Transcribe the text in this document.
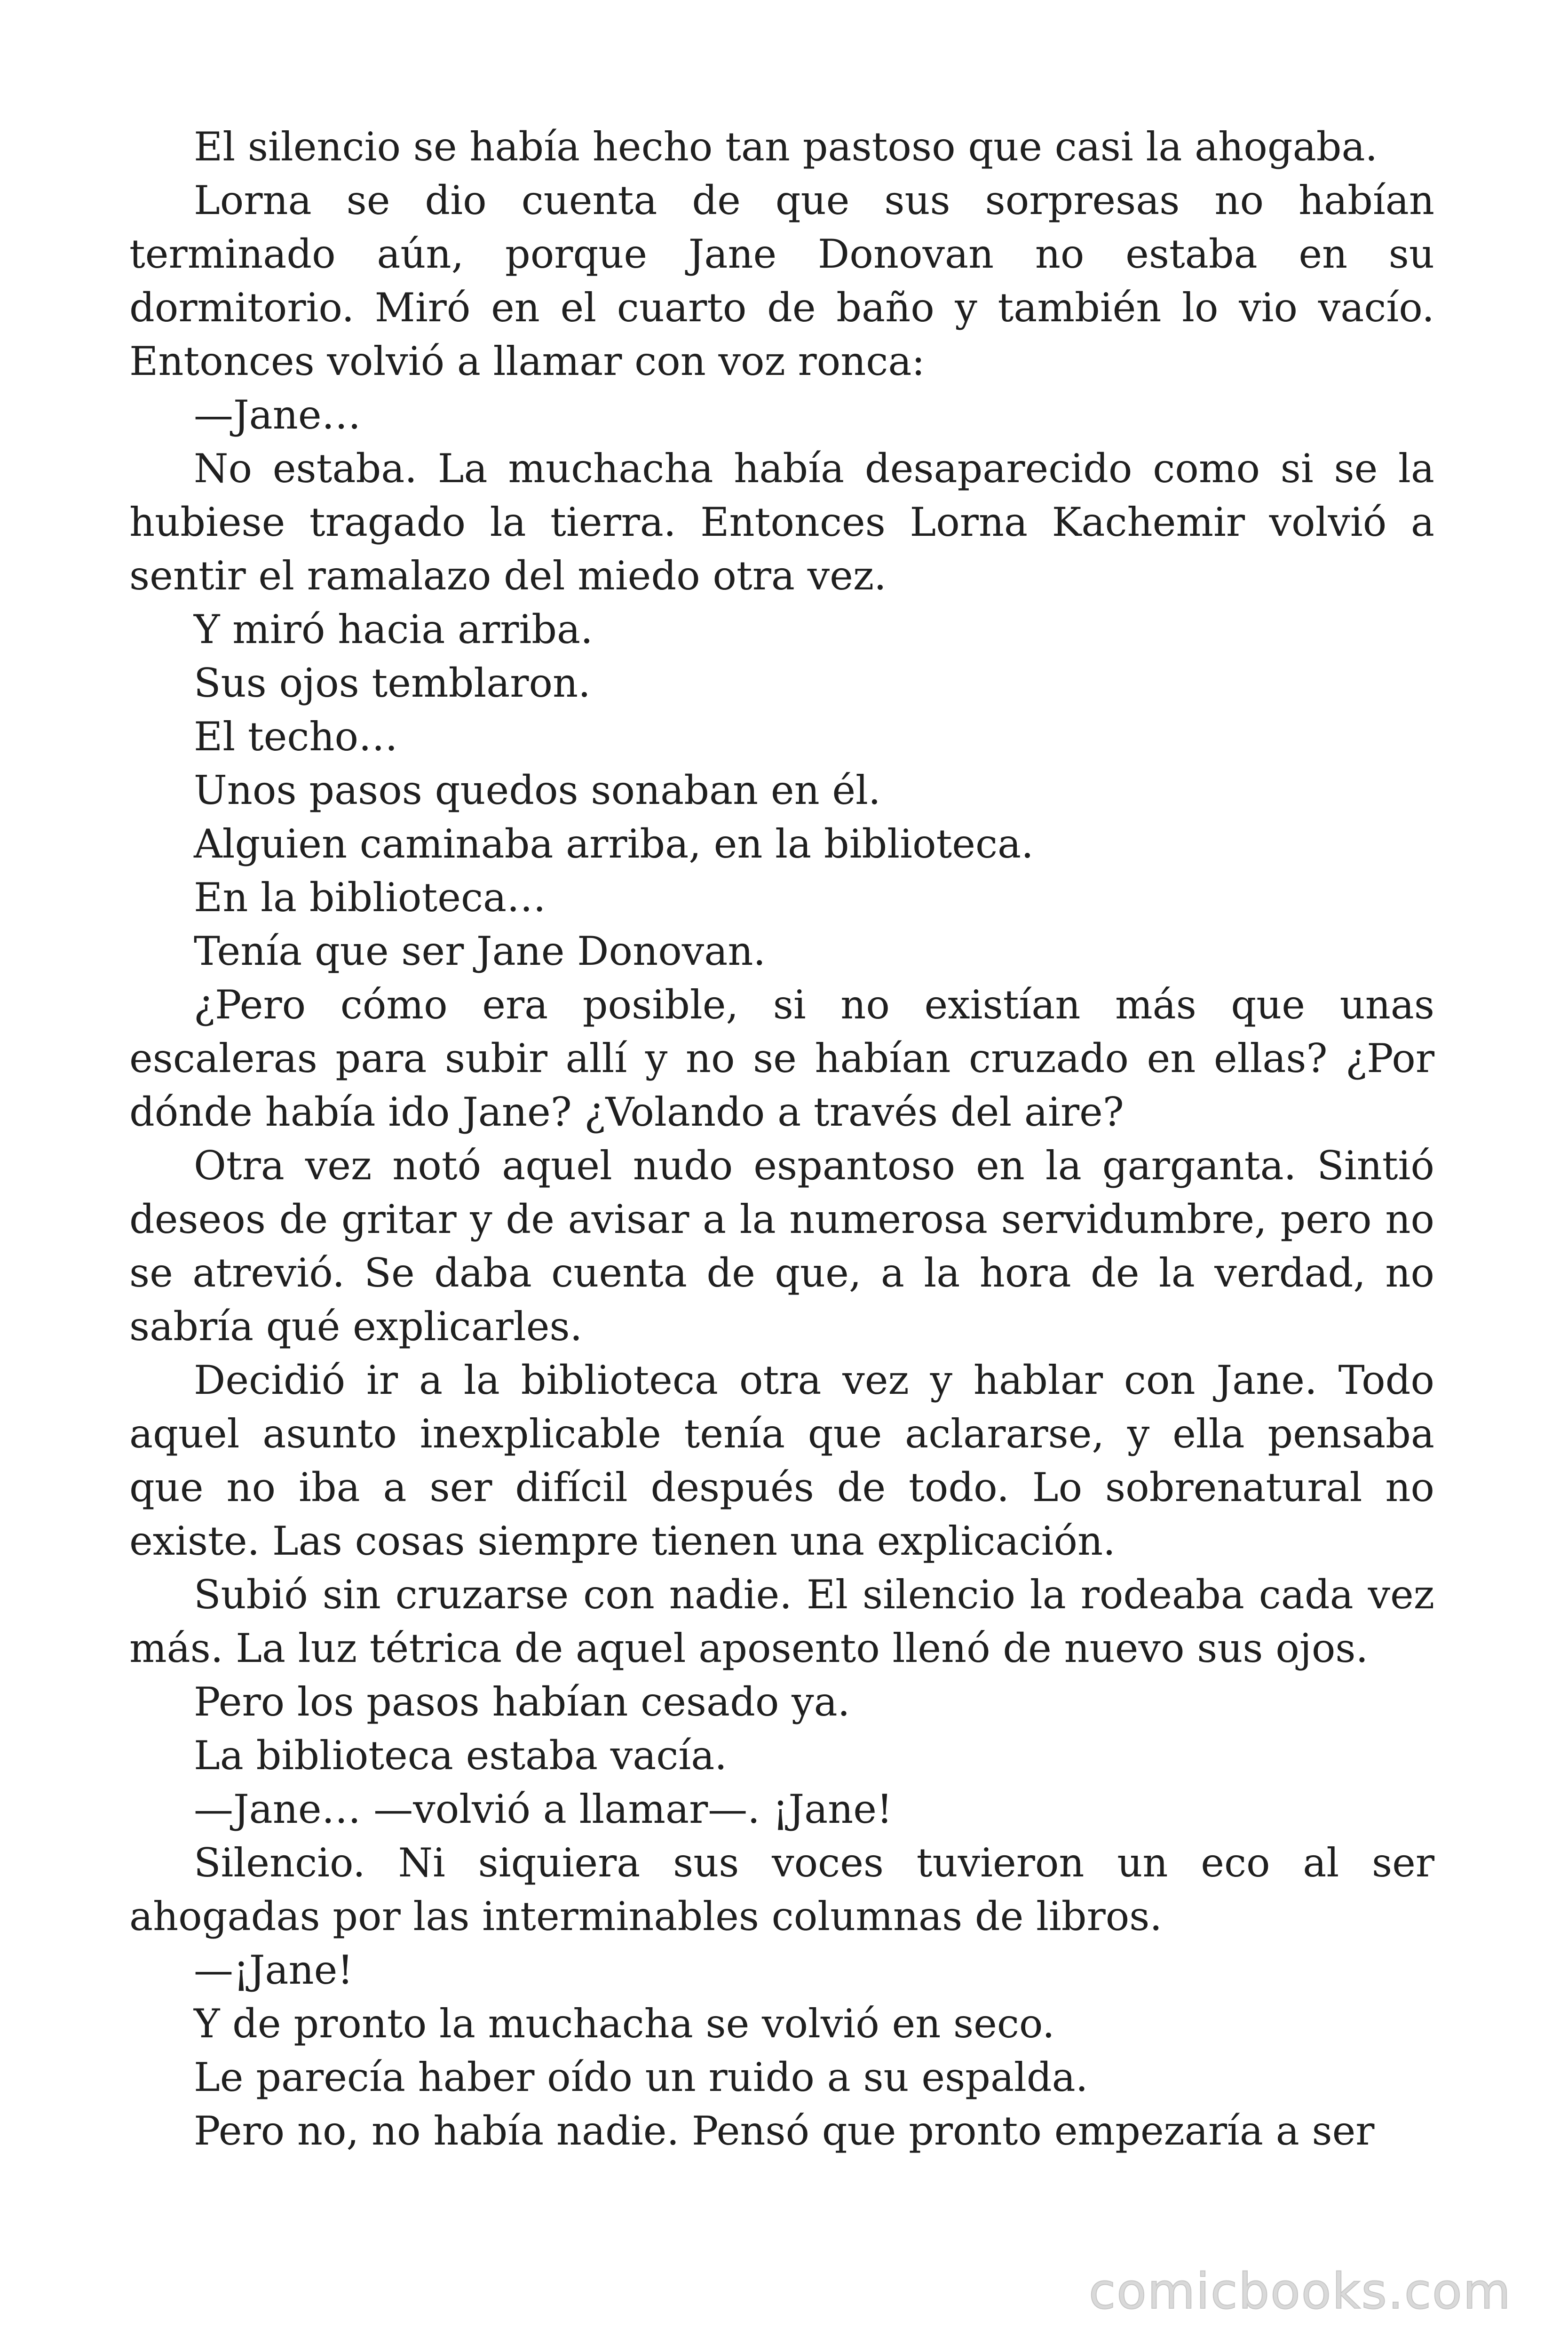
El silencio se había hecho tan pastoso que casi la ahogaba.

Lorna se dio cuenta de que sus sorpresas no habían terminado aún, porque Jane Donovan no estaba en su dormitorio. Miró en el cuarto de baño y también lo vio vacío. Entonces volvió a llamar con voz ronca:

—Jane…

No estaba. La muchacha había desaparecido como si se la hubiese tragado la tierra. Entonces Lorna Kachemir volvió a sentir el ramalazo del miedo otra vez.

Y miró hacia arriba.

Sus ojos temblaron.

El techo…

Unos pasos quedos sonaban en él.

Alguien caminaba arriba, en la biblioteca.

En la biblioteca…

Tenía que ser Jane Donovan.

¿Pero cómo era posible, si no existían más que unas escaleras para subir allí y no se habían cruzado en ellas? ¿Por dónde había ido Jane? ¿Volando a través del aire?

Otra vez notó aquel nudo espantoso en la garganta. Sintió deseos de gritar y de avisar a la numerosa servidumbre, pero no se atrevió. Se daba cuenta de que, a la hora de la verdad, no sabría qué explicarles.

Decidió ir a la biblioteca otra vez y hablar con Jane. Todo aquel asunto inexplicable tenía que aclararse, y ella pensaba que no iba a ser difícil después de todo. Lo sobrenatural no existe. Las cosas siempre tienen una explicación.

Subió sin cruzarse con nadie. El silencio la rodeaba cada vez más. La luz tétrica de aquel aposento llenó de nuevo sus ojos.

Pero los pasos habían cesado ya.

La biblioteca estaba vacía.

—Jane… —volvió a llamar—. ¡Jane!

Silencio. Ni siquiera sus voces tuvieron un eco al ser ahogadas por las interminables columnas de libros.

—¡Jane!

Y de pronto la muchacha se volvió en seco.

Le parecía haber oído un ruido a su espalda.

Pero no, no había nadie. Pensó que pronto empezaría a ser

comicbooks.com
